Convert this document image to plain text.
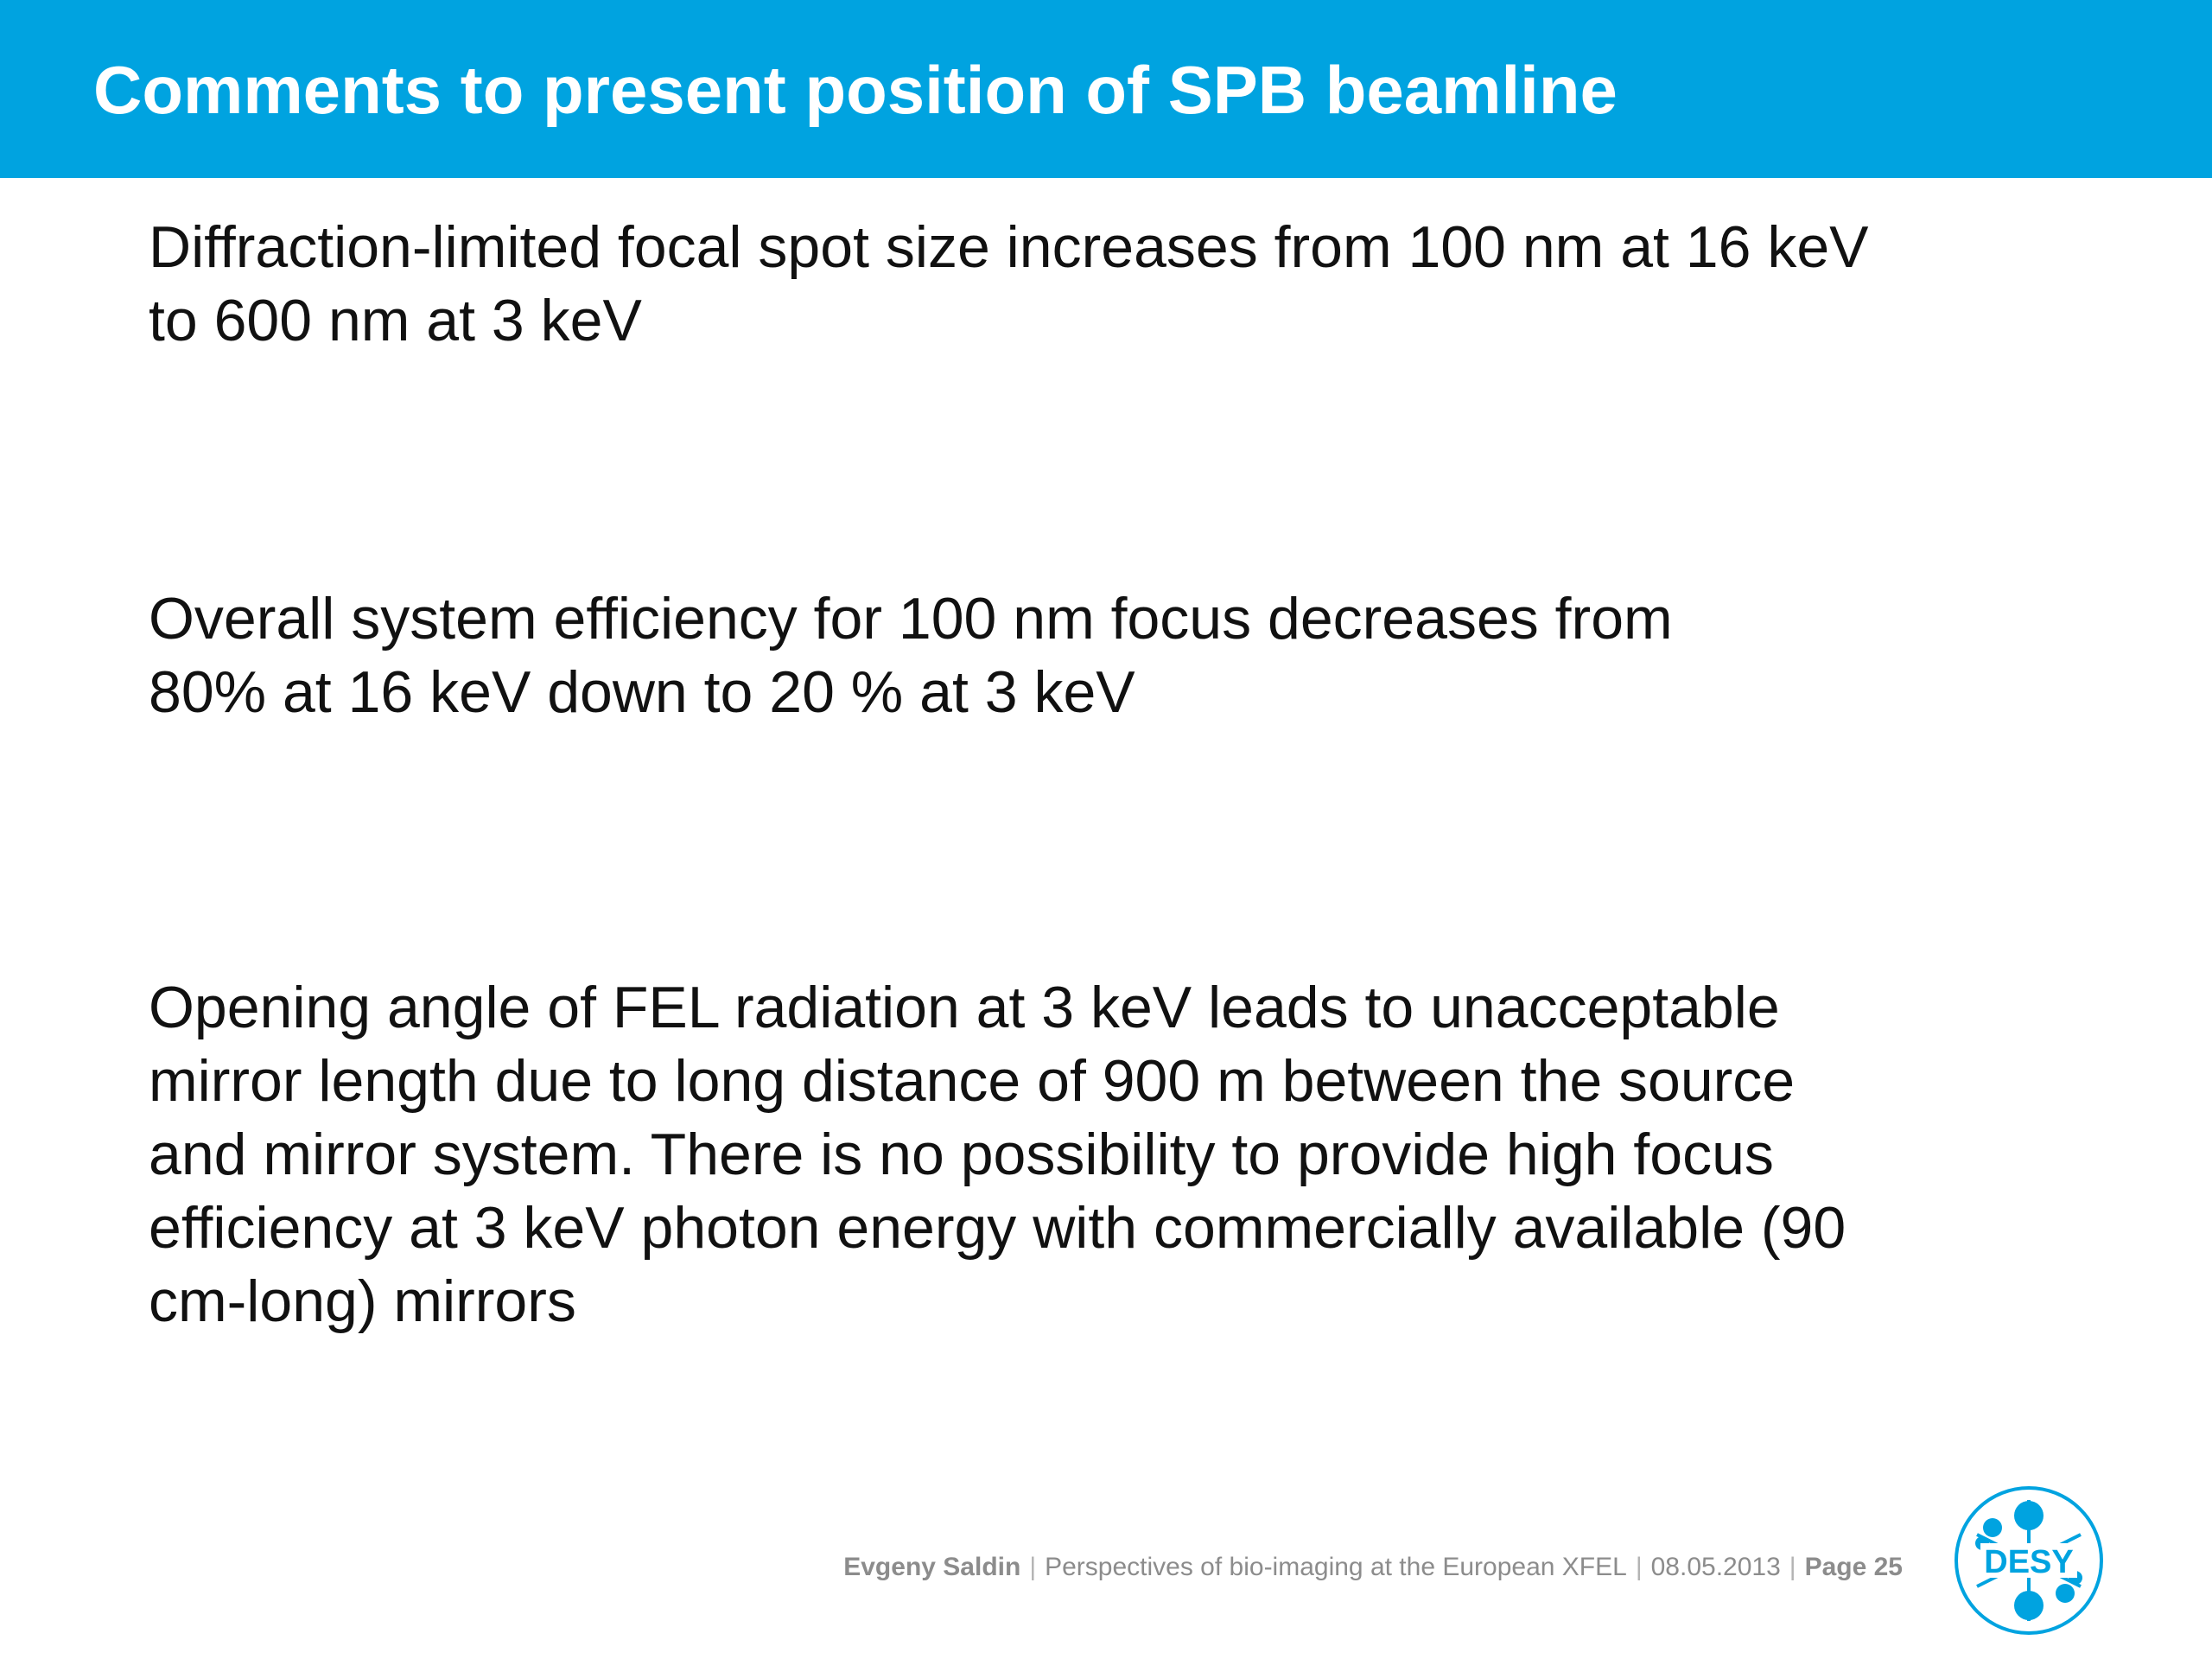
Comments to present position of SPB beamline

Diffraction-limited focal spot size increases from 100 nm at 16 keV
to 600 nm at 3 keV

Overall system efficiency for 100 nm focus decreases from
80% at 16 keV down to 20 % at 3 keV

Opening angle of FEL radiation at 3 keV leads to unacceptable
mirror length due to long distance of 900 m between the source
and mirror system. There is no possibility to provide high focus
efficiency at 3 keV photon energy with commercially available (90
cm-long) mirrors

Evgeny Saldin | Perspectives of bio-imaging at the European XFEL | 08.05.2013 | Page 25 DESY
